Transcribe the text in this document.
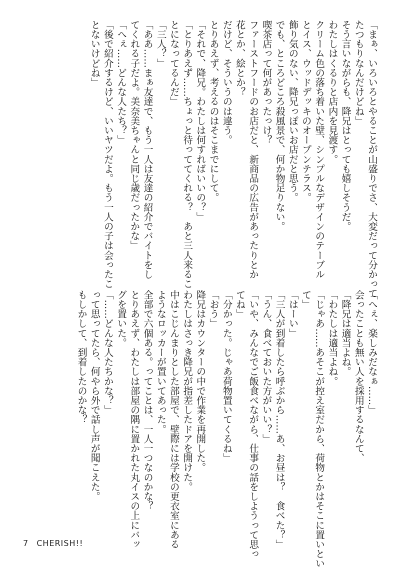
「まぁ、いろいろとやることが山盛りでさ、大変だって分かって
たつもりなんだけどね」
そう言いながらも、降兄はとっても嬉しそうだ。
わたしはくるりと店内を見渡す。
クリーム色の落ち着いた壁、シンプルなデザインのテーブル
とイス、ウッドデッキのオープンテラス。
飾り気のない、降兄っぽいお店だと思う。
でも、ところどころ殺風景で、何か物足りない。
喫茶店って何があったっけ？
ファーストフードのお店だと、新商品の広告があったりとか
花とか、絵とか？
だけど、そういうのは違う。
とりあえず、考えるのはそこまでにして。
「それで、降兄。わたしは何すればいいの？」
「とりあえず……ちょっと待っててくれる？　あと三人来るこ
とになってるんだ」
「三人？」
「ああ……まぁ友達で、もう一人は友達の紹介でバイトをし
てくれる子だよ。美奈美ちゃんと同じ歳だったかな」
「へぇ……どんな人たち？」
「後で紹介するけど、いいヤツだよ。もう一人の子は会ったこ
とないけどね」
「へぇ、楽しみだなぁ……」
会ったことも無い人を採用するなんて、
「降兄は適当よね。
「わたしは適当よね。
「じゃあ……あそこが控え室だから、荷物とかはそこに置いとい
て」
「はーい」
「三人が到着したら呼ぶから……あ、お昼は？　食べた？」
「うん、食べておいた方がいい？」
「いや、みんなでご飯食べながら、仕事の話をしようって思っ
てね」
「分かった。じゃあ荷物置いてくるね」
「おう」
降兄はカウンターの中で作業を再開した。
わたしはさっき降兄が指差したドアを開けた。
中はこじんまりとした部屋で、壁際には学校の更衣室にある
ようなロッカーが置いてあった。
全部で六個ある。ってことは、一人一つなのかな？
とりあえず、わたしは部屋の隅に置かれた丸イスの上にバッ
グを置いた。
「……どんな人たちかな？」
って思ってたら、何やら外で話し声が聞こえた。
もしかして、到着したのかな？
7 CHERISH!!
